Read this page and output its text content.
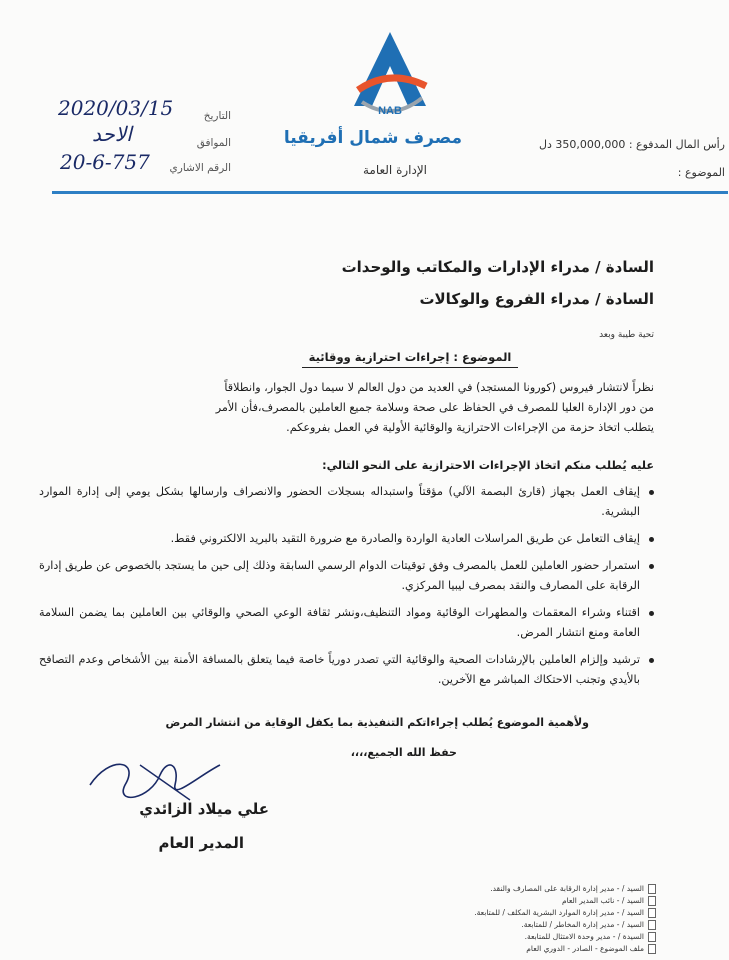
NAB
مصرف شمال أفريقيا
الإدارة العامة
التاريخ
2020/03/15
الموافق
الاحد
الرقم الاشاري
20-6-757
رأس المال المدفوع : 350,000,000 دل
الموضوع :
السادة / مدراء الإدارات والمكاتب والوحدات
السادة / مدراء الفروع والوكالات
تحية طيبة وبعد
الموضوع : إجراءات احترازية ووقائية
نظراً لانتشار فيروس (كورونا المستجد) في العديد من دول العالم لا سيما دول الجوار، وانطلاقاً
من دور الإدارة العليا للمصرف في الحفاظ على صحة وسلامة جميع العاملين بالمصرف،فأن الأمر
يتطلب اتخاذ حزمة من الإجراءات الاحترازية والوقائية الأولية في العمل بفروعكم.
عليه يُطلب منكم اتخاذ الإجراءات الاحترازية على النحو التالي:
إيقاف العمل بجهاز (قارئ البصمة الآلي) مؤقتاً واستبداله بسجلات الحضور والانصراف وارسالها بشكل يومي إلى إدارة الموارد البشرية.
إيقاف التعامل عن طريق المراسلات العادية الواردة والصادرة مع ضرورة التقيد بالبريد الالكتروني فقط.
استمرار حضور العاملين للعمل بالمصرف وفق توقيتات الدوام الرسمي السابقة وذلك إلى حين ما يستجد بالخصوص عن طريق إدارة الرقابة على المصارف والنقد بمصرف ليبيا المركزي.
اقتناء وشراء المعقمات والمطهرات الوقائية ومواد التنظيف،ونشر ثقافة الوعي الصحي والوقائي بين العاملين بما يضمن السلامة العامة ومنع انتشار المرض.
ترشيد وإلزام العاملين بالإرشادات الصحية والوقائية التي تصدر دورياً خاصة فيما يتعلق بالمسافة الأمنة بين الأشخاص وعدم التصافح بالأيدي وتجنب الاحتكاك المباشر مع الآخرين.
ولأهمية الموضوع يُطلب إجراءاتكم التنفيذية بما يكفل الوقاية من انتشار المرض
حفظ الله الجميع،،،،
علي ميلاد الزائدي
المدير العام
السيد / - مدير إدارة الرقابة على المصارف والنقد.
السيد / - نائب المدير العام
السيد / - مدير إدارة الموارد البشرية المكلف / للمتابعة.
السيد / - مدير إدارة المخاطر / للمتابعة.
السيدة / - مدير وحدة الامتثال للمتابعة.
ملف الموضوع - الصادر - الدوري العام
